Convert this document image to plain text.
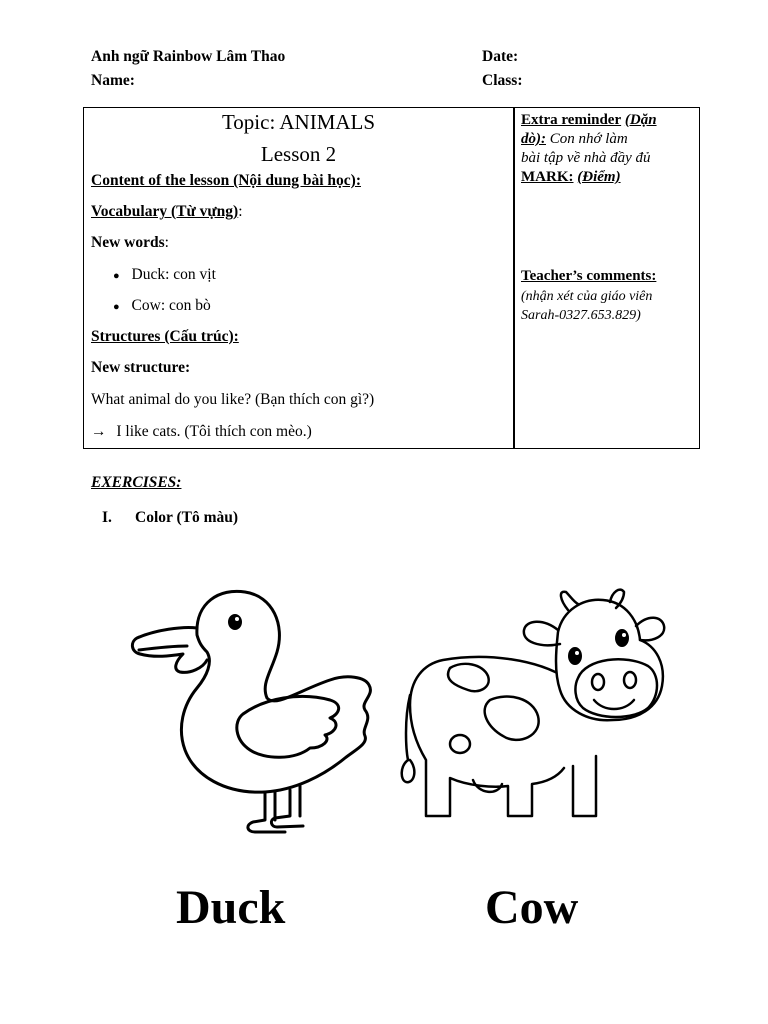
Anh ngữ Rainbow Lâm Thao
Name:
Date:
Class:
Topic: ANIMALS
Lesson 2
Content of the lesson (Nội dung bài học):
Vocabulary (Từ vựng):
New words:
● Duck: con vịt
● Cow: con bò
Structures (Cấu trúc):
New structure:
What animal do you like? (Bạn thích con gì?)
→ I like cats. (Tôi thích con mèo.)
Extra reminder (Dặn
dò): Con nhớ làm
bài tập về nhà đầy đủ
MARK: (Điểm)
Teacher’s comments:
(nhận xét của giáo viên
Sarah-0327.653.829)
EXERCISES:
I. Color (Tô màu)
Duck	Cow
